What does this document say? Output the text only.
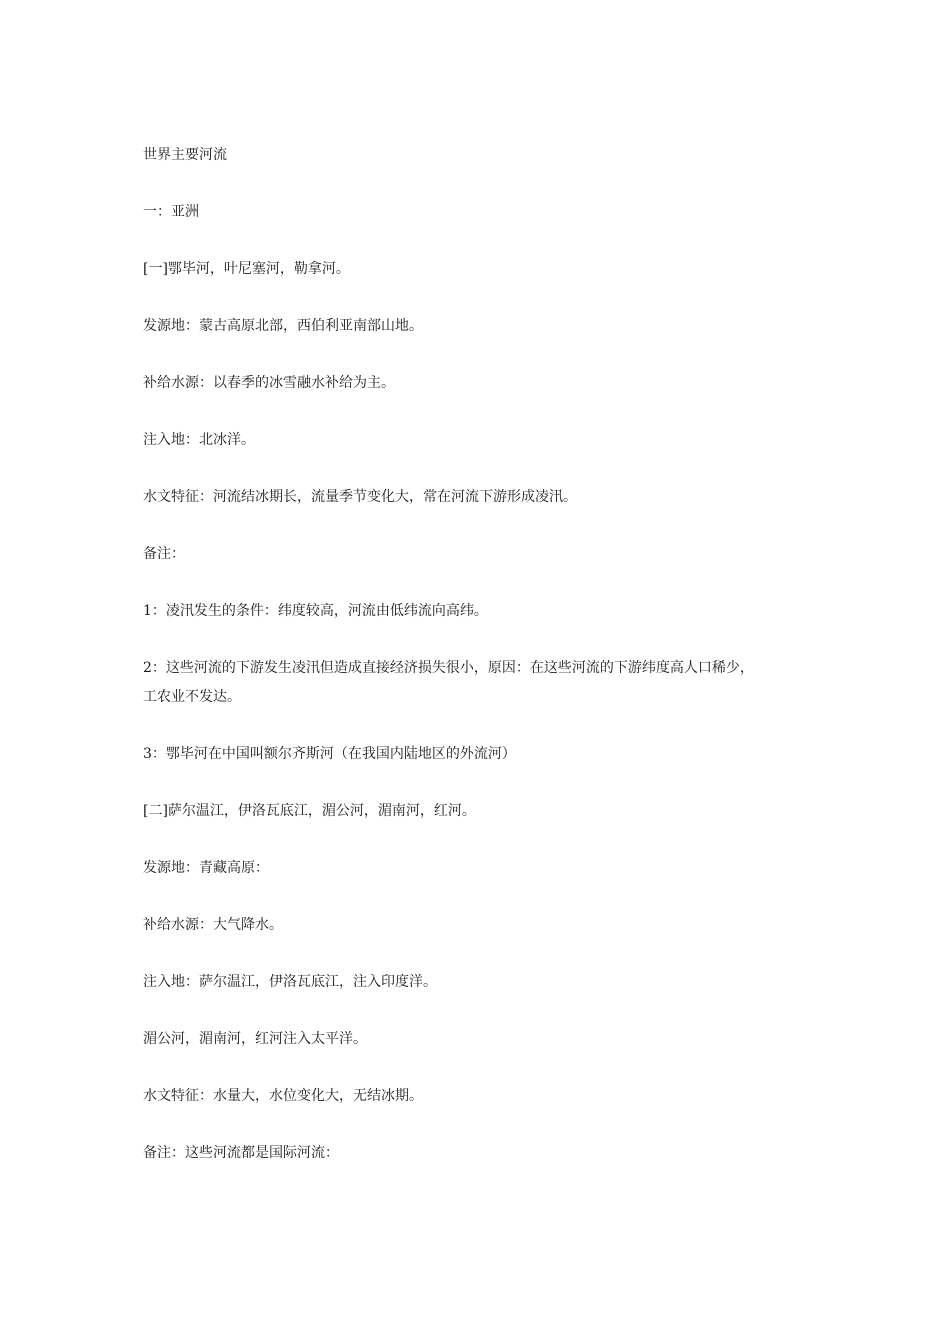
世界主要河流

一：亚洲

[一]鄂毕河，叶尼塞河，勒拿河。

发源地：蒙古高原北部，西伯利亚南部山地。

补给水源：以春季的冰雪融水补给为主。

注入地：北冰洋。

水文特征：河流结冰期长，流量季节变化大，常在河流下游形成凌汛。

备注：

1：凌汛发生的条件：纬度较高，河流由低纬流向高纬。

2：这些河流的下游发生凌汛但造成直接经济损失很小，原因：在这些河流的下游纬度高人口稀少，

工农业不发达。

3：鄂毕河在中国叫额尔齐斯河（在我国内陆地区的外流河）

[二]萨尔温江，伊洛瓦底江，湄公河，湄南河，红河。

发源地：青藏高原：

补给水源：大气降水。

注入地：萨尔温江，伊洛瓦底江，注入印度洋。

湄公河，湄南河，红河注入太平洋。

水文特征：水量大，水位变化大，无结冰期。

备注：这些河流都是国际河流：
